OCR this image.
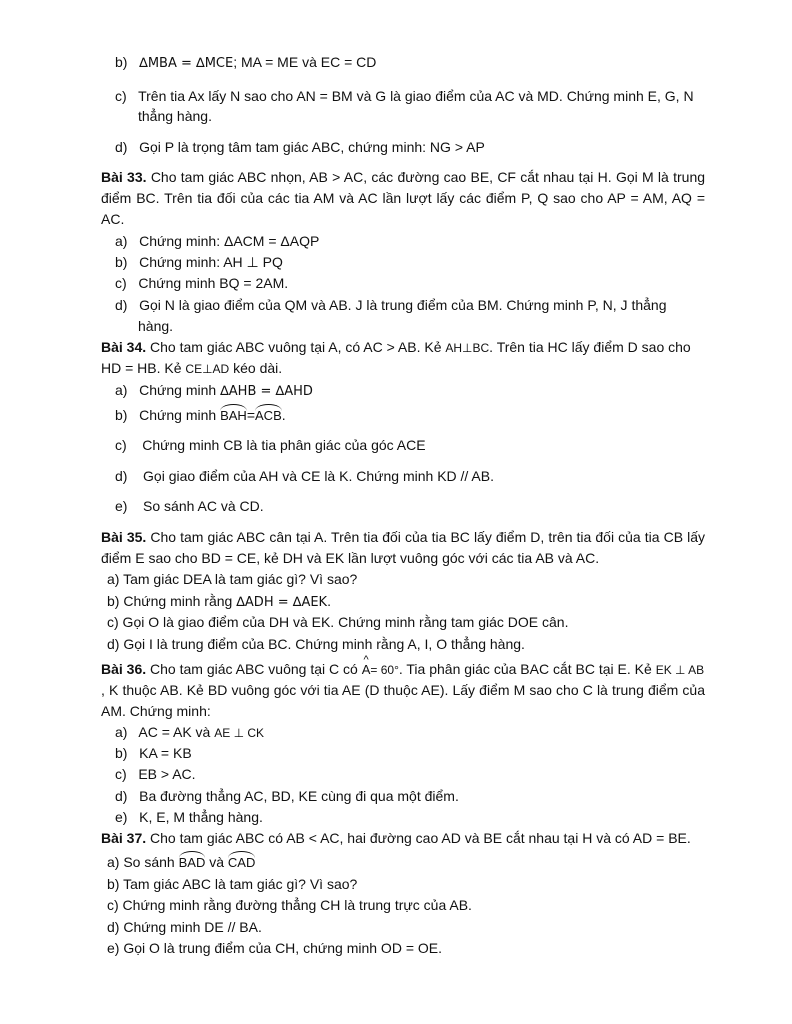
b) ∆MBA = ∆MCE; MA = ME và EC = CD
c) Trên tia Ax lấy N sao cho AN = BM và G là giao điểm của AC và MD. Chứng minh E, G, N
thẳng hàng.
d) Gọi P là trọng tâm tam giác ABC, chứng minh: NG > AP
Bài 33. Cho tam giác ABC nhọn, AB > AC, các đường cao BE, CF cắt nhau tại H. Gọi M là trung
điểm BC. Trên tia đối của các tia AM và AC lần lượt lấy các điểm P, Q sao cho AP = AM, AQ =
AC.
a) Chứng minh: ΔACM = ΔAQP
b) Chứng minh: AH ⊥ PQ
c) Chứng minh BQ = 2AM.
d) Gọi N là giao điểm của QM và AB. J là trung điểm của BM. Chứng minh P, N, J thẳng
hàng.
Bài 34. Cho tam giác ABC vuông tại A, có AC > AB. Kẻ AH⊥BC. Trên tia HC lấy điểm D sao cho
HD = HB. Kẻ CE⊥AD kéo dài.
a) Chứng minh ∆AHB = ∆AHD
b) Chứng minh BAH=ACB.
c) Chứng minh CB là tia phân giác của góc ACE
d) Gọi giao điểm của AH và CE là K. Chứng minh KD // AB.
e) So sánh AC và CD.
Bài 35. Cho tam giác ABC cân tại A. Trên tia đối của tia BC lấy điểm D, trên tia đối của tia CB lấy
điểm E sao cho BD = CE, kẻ DH và EK lần lượt vuông góc với các tia AB và AC.
a) Tam giác DEA là tam giác gì? Vì sao?
b) Chứng minh rằng ∆ADH = ∆AEK.
c) Gọi O là giao điểm của DH và EK. Chứng minh rằng tam giác DOE cân.
d) Gọi I là trung điểm của BC. Chứng minh rằng A, I, O thẳng hàng.
Bài 36. Cho tam giác ABC vuông tại C có ^ A= 60°. Tia phân giác của BAC cắt BC tại E. Kẻ EK ⊥ AB
, K thuộc AB. Kẻ BD vuông góc với tia AE (D thuộc AE). Lấy điểm M sao cho C là trung điểm của
AM. Chứng minh:
a) AC = AK và AE ⊥ CK
b) KA = KB
c) EB > AC.
d) Ba đường thẳng AC, BD, KE cùng đi qua một điểm.
e) K, E, M thẳng hàng.
Bài 37. Cho tam giác ABC có AB < AC, hai đường cao AD và BE cắt nhau tại H và có AD = BE.
a) So sánh BAD và CAD
b) Tam giác ABC là tam giác gì? Vì sao?
c) Chứng minh rằng đường thẳng CH là trung trực của AB.
d) Chứng minh DE // BA.
e) Gọi O là trung điểm của CH, chứng minh OD = OE.
